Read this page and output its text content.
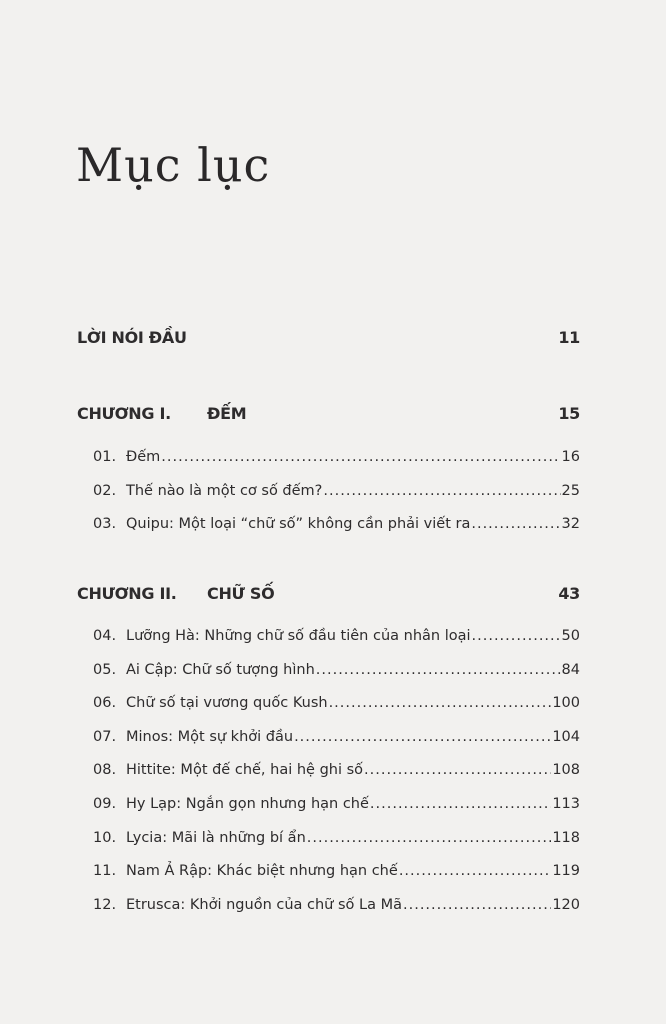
Mục lục
LỜI NÓI ĐẦU	11
CHƯƠNG I.	ĐẾM	15
01. Đếm .....	16
02. Thế nào là một cơ số đếm? .....	25
03. Quipu: Một loại “chữ số” không cần phải viết ra .....	32
CHƯƠNG II.	CHỮ SỐ	43
04. Lưỡng Hà: Những chữ số đầu tiên của nhân loại .....	50
05. Ai Cập: Chữ số tượng hình .....	84
06. Chữ số tại vương quốc Kush .....	100
07. Minos: Một sự khởi đầu .....	104
08. Hittite: Một đế chế, hai hệ ghi số .....	108
09. Hy Lạp: Ngắn gọn nhưng hạn chế .....	113
10. Lycia: Mãi là những bí ẩn .....	118
11. Nam Ả Rập: Khác biệt nhưng hạn chế .....	119
12. Etrusca: Khởi nguồn của chữ số La Mã .....	120
